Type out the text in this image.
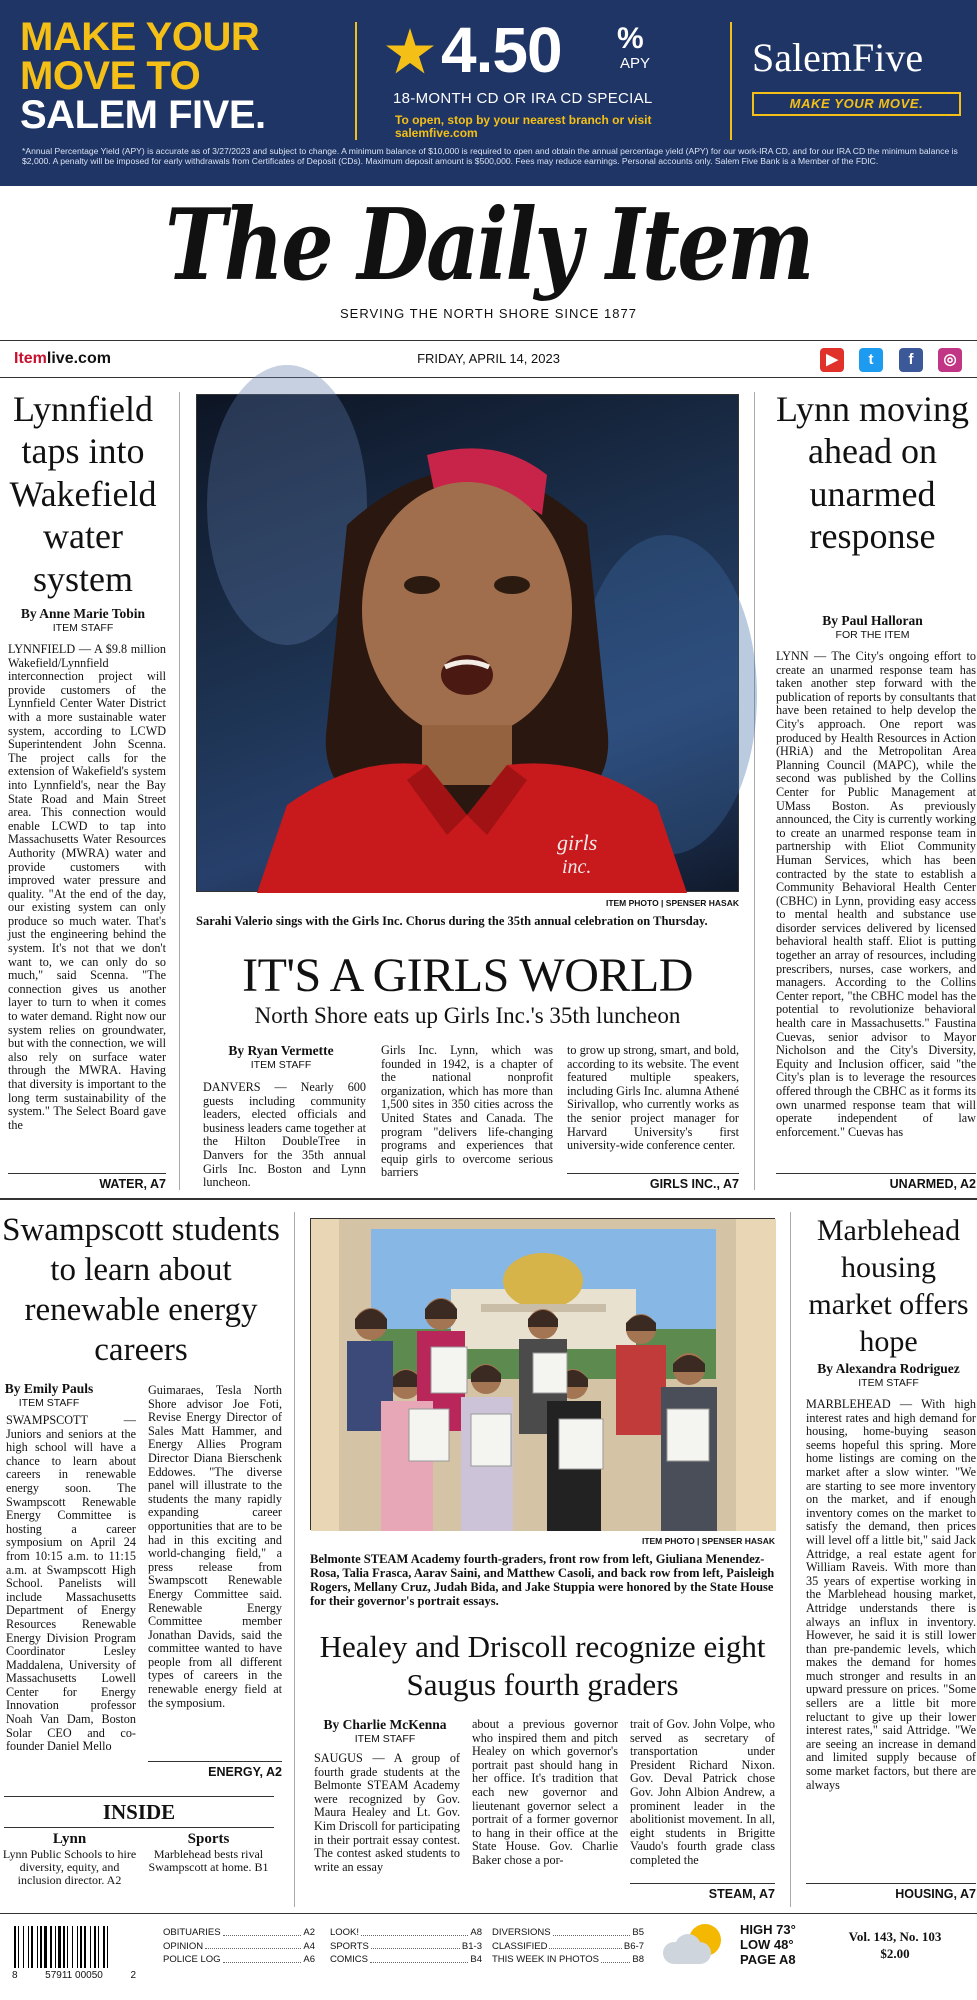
MAKE YOUR
MOVE TO
SALEM FIVE.
4.50 %
APY
18-MONTH CD OR IRA CD SPECIAL
To open, stop by your nearest branch or visit
salemfive.com
SalemFive
MAKE YOUR MOVE.
*Annual Percentage Yield (APY) is accurate as of 3/27/2023 and subject to change. A minimum balance of $10,000 is required to open and obtain the annual percentage yield (APY) for our work-IRA CD, and for our IRA CD the minimum balance is $2,000. A penalty will be imposed for early withdrawals from Certificates of Deposit (CDs). Maximum deposit amount is $500,000. Fees may reduce earnings. Personal accounts only. Salem Five Bank is a Member of the FDIC.
The Daily Item
SERVING THE NORTH SHORE SINCE 1877
Itemlive.com	FRIDAY, APRIL 14, 2023	▶	t	f	◎
Lynnfield taps into Wakefield water system
By Anne Marie Tobin
ITEM STAFF
LYNNFIELD — A $9.8 million Wakefield/Lynnfield interconnection project will provide customers of the Lynnfield Center Water District with a more sustainable water system, according to LCWD Superintendent John Scenna. The project calls for the extension of Wakefield's system into Lynnfield's, near the Bay State Road and Main Street area. This connection would enable LCWD to tap into Massachusetts Water Resources Authority (MWRA) water and provide customers with improved water pressure and quality. "At the end of the day, our existing system can only produce so much water. That's just the engineering behind the system. It's not that we don't want to, we can only do so much," said Scenna. "The connection gives us another layer to turn to when it comes to water demand. Right now our system relies on groundwater, but with the connection, we will also rely on surface water through the MWRA. Having that diversity is important to the long term sustainability of the system." The Select Board gave the
WATER, A7
girls
inc.
ITEM PHOTO | SPENSER HASAK
Sarahi Valerio sings with the Girls Inc. Chorus during the 35th annual celebration on Thursday.
IT'S A GIRLS WORLD
North Shore eats up Girls Inc.'s 35th luncheon
By Ryan Vermette
ITEM STAFF
DANVERS — Nearly 600 guests including community leaders, elected officials and business leaders came together at the Hilton DoubleTree in Danvers for the 35th annual Girls Inc. Boston and Lynn luncheon.
Girls Inc. Lynn, which was founded in 1942, is a chapter of the national nonprofit organization, which has more than 1,500 sites in 350 cities across the United States and Canada. The program "delivers life-changing programs and experiences that equip girls to overcome serious barriers
to grow up strong, smart, and bold, according to its website. The event featured multiple speakers, including Girls Inc. alumna Athené Sirivallop, who currently works as the senior project manager for Harvard University's first university-wide conference center.
GIRLS INC., A7
Lynn moving ahead on unarmed response
By Paul Halloran
FOR THE ITEM
LYNN — The City's ongoing effort to create an unarmed response team has taken another step forward with the publication of reports by consultants that have been retained to help develop the City's approach. One report was produced by Health Resources in Action (HRiA) and the Metropolitan Area Planning Council (MAPC), while the second was published by the Collins Center for Public Management at UMass Boston. As previously announced, the City is currently working to create an unarmed response team in partnership with Eliot Community Human Services, which has been contracted by the state to establish a Community Behavioral Health Center (CBHC) in Lynn, providing easy access to mental health and substance use disorder services delivered by licensed behavioral health staff. Eliot is putting together an array of resources, including prescribers, nurses, case workers, and managers. According to the Collins Center report, "the CBHC model has the potential to revolutionize behavioral health care in Massachusetts." Faustina Cuevas, senior advisor to Mayor Nicholson and the City's Diversity, Equity and Inclusion officer, said "the City's plan is to leverage the resources offered through the CBHC as it forms its own unarmed response team that will operate independent of law enforcement." Cuevas has
UNARMED, A2
Swampscott students to learn about renewable energy careers
By Emily Pauls
ITEM STAFF
SWAMPSCOTT — Juniors and seniors at the high school will have a chance to learn about careers in renewable energy soon. The Swampscott Renewable Energy Committee is hosting a career symposium on April 24 from 10:15 a.m. to 11:15 a.m. at Swampscott High School. Panelists will include Massachusetts Department of Energy Resources Renewable Energy Division Program Coordinator Lesley Maddalena, University of Massachusetts Lowell Center for Energy Innovation professor Noah Van Dam, Boston Solar CEO and co-founder Daniel Mello
Guimaraes, Tesla North Shore advisor Joe Foti, Revise Energy Director of Sales Matt Hammer, and Energy Allies Program Director Diana Bierschenk Eddowes. "The diverse panel will illustrate to the students the many rapidly expanding career opportunities that are to be had in this exciting and world-changing field," a press release from Swampscott Renewable Energy Committee said. Renewable Energy Committee member Jonathan Davids, said the committee wanted to have people from all different types of careers in the renewable energy field at the symposium.
ENERGY, A2
INSIDE
Lynn
Lynn Public Schools to hire diversity, equity, and inclusion director. A2
Sports
Marblehead bests rival Swampscott at home. B1
ITEM PHOTO | SPENSER HASAK
Belmonte STEAM Academy fourth-graders, front row from left, Giuliana Menendez-Rosa, Talia Frasca, Aarav Saini, and Matthew Casoli, and back row from left, Paisleigh Rogers, Mellany Cruz, Judah Bida, and Jake Stuppia were honored by the State House for their governor's portrait essays.
Healey and Driscoll recognize eight Saugus fourth graders
By Charlie McKenna
ITEM STAFF
SAUGUS — A group of fourth grade students at the Belmonte STEAM Academy were recognized by Gov. Maura Healey and Lt. Gov. Kim Driscoll for participating in their portrait essay contest. The contest asked students to write an essay
about a previous governor who inspired them and pitch Healey on which governor's portrait past should hang in her office. It's tradition that each new governor and lieutenant governor select a portrait of a former governor to hang in their office at the State House. Gov. Charlie Baker chose a por-
trait of Gov. John Volpe, who served as secretary of transportation under President Richard Nixon. Gov. Deval Patrick chose Gov. John Albion Andrew, a prominent leader in the abolitionist movement. In all, eight students in Brigitte Vaudo's fourth grade class completed the
STEAM, A7
Marblehead housing market offers hope
By Alexandra Rodriguez
ITEM STAFF
MARBLEHEAD — With high interest rates and high demand for housing, home-buying season seems hopeful this spring. More home listings are coming on the market after a slow winter. "We are starting to see more inventory on the market, and if enough inventory comes on the market to satisfy the demand, then prices will level off a little bit," said Jack Attridge, a real estate agent for William Raveis. With more than 35 years of expertise working in the Marblehead housing market, Attridge understands there is always an influx in inventory. However, he said it is still lower than pre-pandemic levels, which makes the demand for homes much stronger and results in an upward pressure on prices. "Some sellers are a little bit more reluctant to give up their lower interest rates," said Attridge. "We are seeing an increase in demand and limited supply because of some market factors, but there are always
HOUSING, A7
8	57911 00050	2
OBITUARIES	A2
OPINION	A4
POLICE LOG	A6
LOOK!	A8
SPORTS	B1-3
COMICS	B4
DIVERSIONS	B5
CLASSIFIED	B6-7
THIS WEEK IN PHOTOS	B8
HIGH 73°
LOW 48°
PAGE A8
Vol. 143, No. 103
$2.00
